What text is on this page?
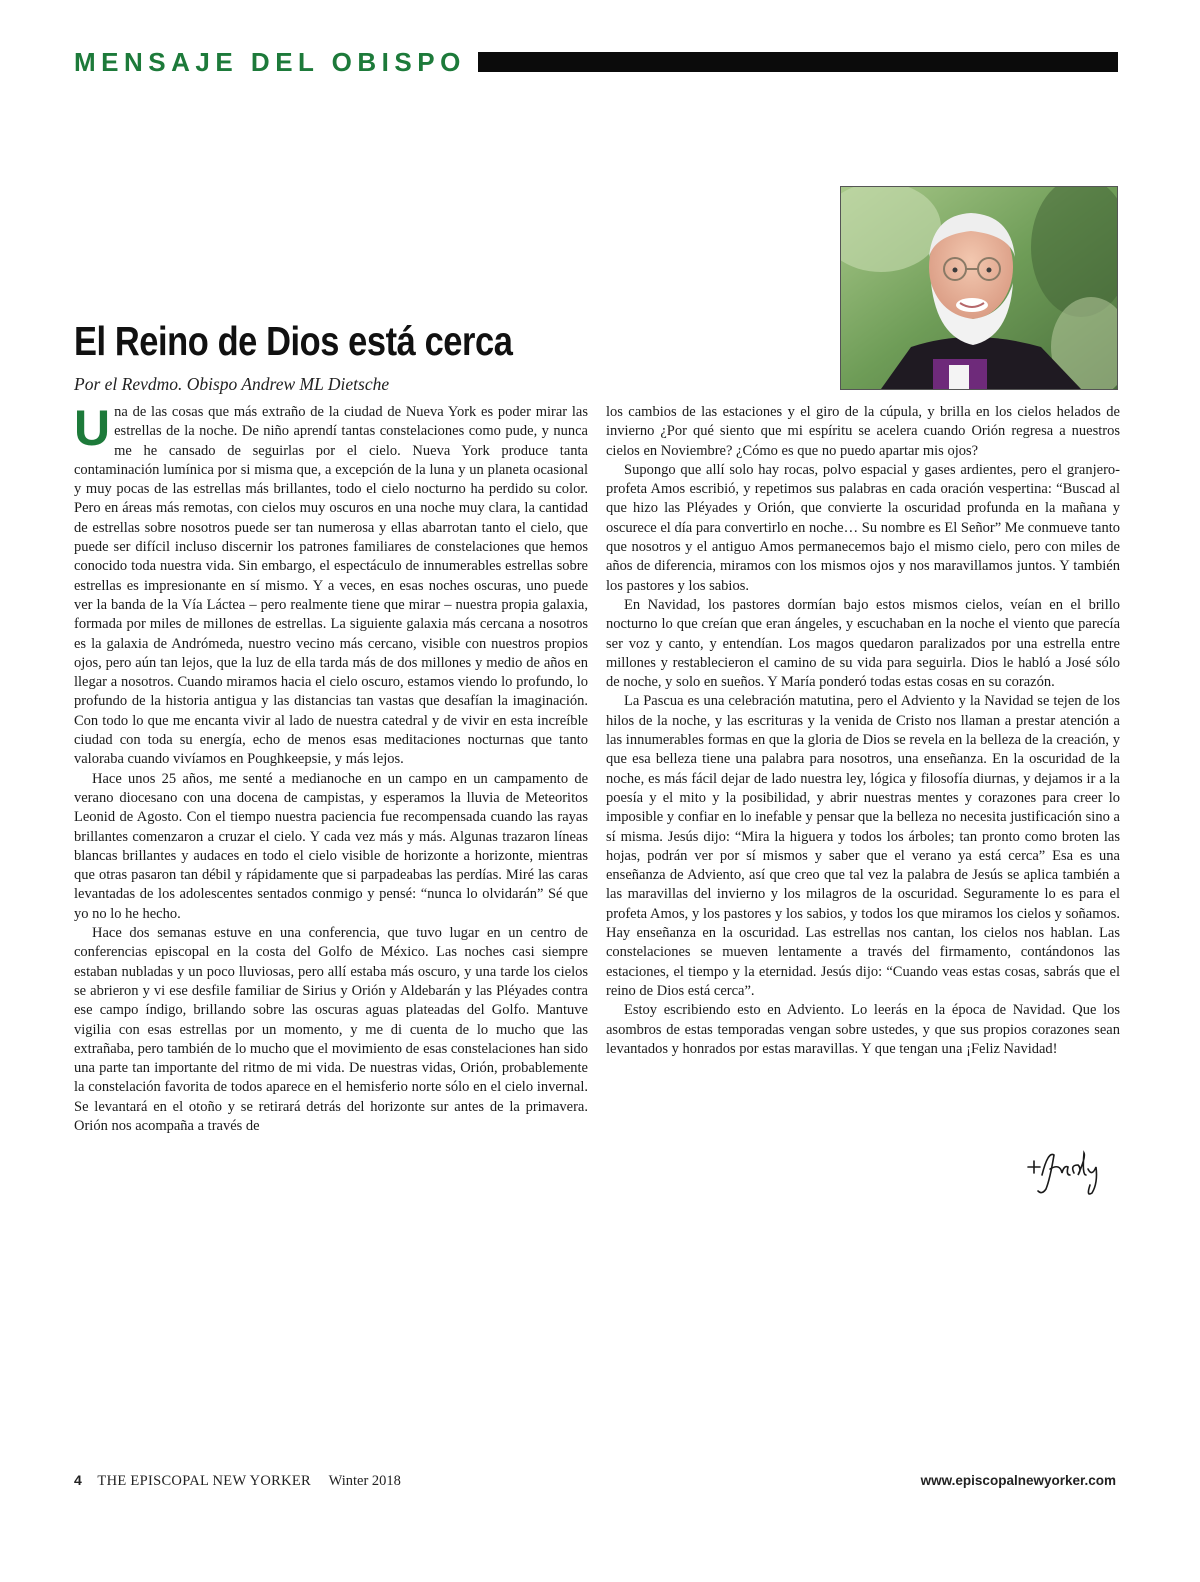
MENSAJE DEL OBISPO
El Reino de Dios está cerca
Por el Revdmo. Obispo Andrew ML Dietsche

Una de las cosas que más extraño de la ciudad de Nueva York es poder mirar las estrellas de la noche. De niño aprendí tantas constelaciones como pude, y nunca me he cansado de seguirlas por el cielo. Nueva York produce tanta contaminación lumínica por si misma que, a excepción de la luna y un planeta ocasional y muy pocas de las estrellas más brillantes, todo el cielo nocturno ha perdido su color. Pero en áreas más remotas, con cielos muy oscuros en una noche muy clara, la cantidad de estrellas sobre nosotros puede ser tan numerosa y ellas abarrotan tanto el cielo, que puede ser difícil incluso discernir los patrones familiares de constelaciones que hemos conocido toda nuestra vida. Sin embargo, el espectáculo de innumerables estrellas sobre estrellas es impresionante en sí mismo. Y a veces, en esas noches oscuras, uno puede ver la banda de la Vía Láctea – pero realmente tiene que mirar – nuestra propia galaxia, formada por miles de millones de estrellas. La siguiente galaxia más cercana a nosotros es la galaxia de Andrómeda, nuestro vecino más cercano, visible con nuestros propios ojos, pero aún tan lejos, que la luz de ella tarda más de dos millones y medio de años en llegar a nosotros. Cuando miramos hacia el cielo oscuro, estamos viendo lo profundo, lo profundo de la historia antigua y las distancias tan vastas que desafían la imaginación. Con todo lo que me encanta vivir al lado de nuestra catedral y de vivir en esta increíble ciudad con toda su energía, echo de menos esas meditaciones nocturnas que tanto valoraba cuando vivíamos en Poughkeepsie, y más lejos.

Hace unos 25 años, me senté a medianoche en un campo en un campamento de verano diocesano con una docena de campistas, y esperamos la lluvia de Meteoritos Leonid de Agosto. Con el tiempo nuestra paciencia fue recompensada cuando las rayas brillantes comenzaron a cruzar el cielo. Y cada vez más y más. Algunas trazaron líneas blancas brillantes y audaces en todo el cielo visible de horizonte a horizonte, mientras que otras pasaron tan débil y rápidamente que si parpadeabas las perdías. Miré las caras levantadas de los adolescentes sentados conmigo y pensé: “nunca lo olvidarán” Sé que yo no lo he hecho.

Hace dos semanas estuve en una conferencia, que tuvo lugar en un centro de conferencias episcopal en la costa del Golfo de México. Las noches casi siempre estaban nubladas y un poco lluviosas, pero allí estaba más oscuro, y una tarde los cielos se abrieron y vi ese desfile familiar de Sirius y Orión y Aldebarán y las Pléyades contra ese campo índigo, brillando sobre las oscuras aguas plateadas del Golfo. Mantuve vigilia con esas estrellas por un momento, y me di cuenta de lo mucho que las extrañaba, pero también de lo mucho que el movimiento de esas constelaciones han sido una parte tan importante del ritmo de mi vida. De nuestras vidas, Orión, probablemente la constelación favorita de todos aparece en el hemisferio norte sólo en el cielo invernal. Se levantará en el otoño y se retirará detrás del horizonte sur antes de la primavera. Orión nos acompaña a través de

los cambios de las estaciones y el giro de la cúpula, y brilla en los cielos helados de invierno ¿Por qué siento que mi espíritu se acelera cuando Orión regresa a nuestros cielos en Noviembre? ¿Cómo es que no puedo apartar mis ojos?

Supongo que allí solo hay rocas, polvo espacial y gases ardientes, pero el granjero-profeta Amos escribió, y repetimos sus palabras en cada oración vespertina: “Buscad al que hizo las Pléyades y Orión, que convierte la oscuridad profunda en la mañana y oscurece el día para convertirlo en noche… Su nombre es El Señor” Me conmueve tanto que nosotros y el antiguo Amos permanecemos bajo el mismo cielo, pero con miles de años de diferencia, miramos con los mismos ojos y nos maravillamos juntos. Y también los pastores y los sabios.

En Navidad, los pastores dormían bajo estos mismos cielos, veían en el brillo nocturno lo que creían que eran ángeles, y escuchaban en la noche el viento que parecía ser voz y canto, y entendían. Los magos quedaron paralizados por una estrella entre millones y restablecieron el camino de su vida para seguirla. Dios le habló a José sólo de noche, y solo en sueños. Y María ponderó todas estas cosas en su corazón.

La Pascua es una celebración matutina, pero el Adviento y la Navidad se tejen de los hilos de la noche, y las escrituras y la venida de Cristo nos llaman a prestar atención a las innumerables formas en que la gloria de Dios se revela en la belleza de la creación, y que esa belleza tiene una palabra para nosotros, una enseñanza. En la oscuridad de la noche, es más fácil dejar de lado nuestra ley, lógica y filosofía diurnas, y dejamos ir a la poesía y el mito y la posibilidad, y abrir nuestras mentes y corazones para creer lo imposible y confiar en lo inefable y pensar que la belleza no necesita justificación sino a sí misma. Jesús dijo: “Mira la higuera y todos los árboles; tan pronto como broten las hojas, podrán ver por sí mismos y saber que el verano ya está cerca” Esa es una enseñanza de Adviento, así que creo que tal vez la palabra de Jesús se aplica también a las maravillas del invierno y los milagros de la oscuridad. Seguramente lo es para el profeta Amos, y los pastores y los sabios, y todos los que miramos los cielos y soñamos. Hay enseñanza en la oscuridad. Las estrellas nos cantan, los cielos nos hablan. Las constelaciones se mueven lentamente a través del firmamento, contándonos las estaciones, el tiempo y la eternidad. Jesús dijo: “Cuando veas estas cosas, sabrás que el reino de Dios está cerca”.

Estoy escribiendo esto en Adviento. Lo leerás en la época de Navidad. Que los asombros de estas temporadas vengan sobre ustedes, y que sus propios corazones sean levantados y honrados por estas maravillas. Y que tengan una ¡Feliz Navidad!

4 THE EPISCOPAL NEW YORKER Winter 2018	www.episcopalnewyorker.com
